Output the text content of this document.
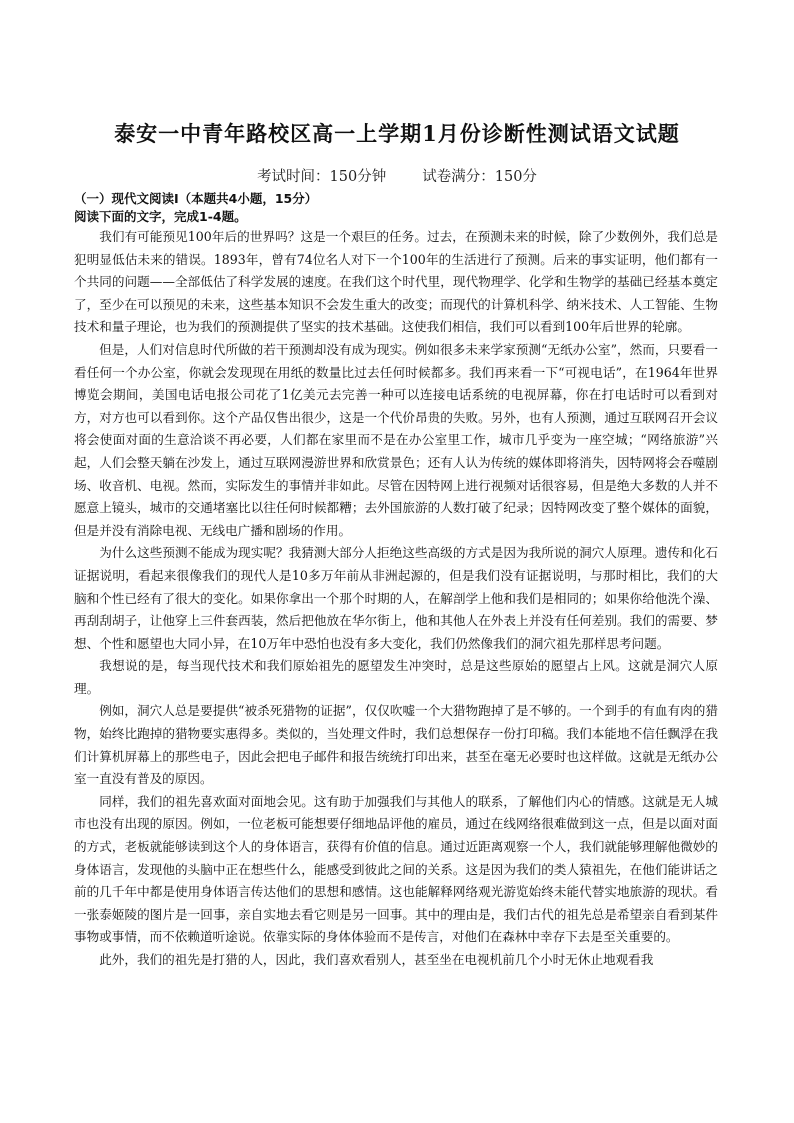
泰安一中青年路校区高一上学期1月份诊断性测试语文试题
考试时间：150分钟 试卷满分：150分
（一）现代文阅读Ⅰ（本题共4小题，15分）
阅读下面的文字，完成1-4题。

我们有可能预见100年后的世界吗？这是一个艰巨的任务。过去，在预测未来的时候，除了少数例外，我们总是犯明显低估未来的错误。1893年，曾有74位名人对下一个100年的生活进行了预测。后来的事实证明，他们都有一个共同的问题——全部低估了科学发展的速度。在我们这个时代里，现代物理学、化学和生物学的基础已经基本奠定了，至少在可以预见的未来，这些基本知识不会发生重大的改变；而现代的计算机科学、纳米技术、人工智能、生物技术和量子理论，也为我们的预测提供了坚实的技术基础。这使我们相信，我们可以看到100年后世界的轮廓。

但是，人们对信息时代所做的若干预测却没有成为现实。例如很多未来学家预测“无纸办公室”，然而，只要看一看任何一个办公室，你就会发现现在用纸的数量比过去任何时候都多。我们再来看一下“可视电话”，在1964年世界博览会期间，美国电话电报公司花了1亿美元去完善一种可以连接电话系统的电视屏幕，你在打电话时可以看到对方，对方也可以看到你。这个产品仅售出很少，这是一个代价昂贵的失败。另外，也有人预测，通过互联网召开会议将会使面对面的生意洽谈不再必要，人们都在家里而不是在办公室里工作，城市几乎变为一座空城；“网络旅游”兴起，人们会整天躺在沙发上，通过互联网漫游世界和欣赏景色；还有人认为传统的媒体即将消失，因特网将会吞噬剧场、收音机、电视。然而，实际发生的事情并非如此。尽管在因特网上进行视频对话很容易，但是绝大多数的人并不愿意上镜头，城市的交通堵塞比以往任何时候都糟；去外国旅游的人数打破了纪录；因特网改变了整个媒体的面貌，但是并没有消除电视、无线电广播和剧场的作用。

为什么这些预测不能成为现实呢？我猜测大部分人拒绝这些高级的方式是因为我所说的洞穴人原理。遗传和化石证据说明，看起来很像我们的现代人是10多万年前从非洲起源的，但是我们没有证据说明，与那时相比，我们的大脑和个性已经有了很大的变化。如果你拿出一个那个时期的人，在解剖学上他和我们是相同的；如果你给他洗个澡、再刮刮胡子，让他穿上三件套西装，然后把他放在华尔街上，他和其他人在外表上并没有任何差别。我们的需要、梦想、个性和愿望也大同小异，在10万年中恐怕也没有多大变化，我们仍然像我们的洞穴祖先那样思考问题。

我想说的是，每当现代技术和我们原始祖先的愿望发生冲突时，总是这些原始的愿望占上风。这就是洞穴人原理。

例如，洞穴人总是要提供“被杀死猎物的证据”，仅仅吹嘘一个大猎物跑掉了是不够的。一个到手的有血有肉的猎物，始终比跑掉的猎物要实惠得多。类似的，当处理文件时，我们总想保存一份打印稿。我们本能地不信任飘浮在我们计算机屏幕上的那些电子，因此会把电子邮件和报告统统打印出来，甚至在毫无必要时也这样做。这就是无纸办公室一直没有普及的原因。

同样，我们的祖先喜欢面对面地会见。这有助于加强我们与其他人的联系，了解他们内心的情感。这就是无人城市也没有出现的原因。例如，一位老板可能想要仔细地品评他的雇员，通过在线网络很难做到这一点，但是以面对面的方式，老板就能够读到这个人的身体语言，获得有价值的信息。通过近距离观察一个人，我们就能够理解他微妙的身体语言，发现他的头脑中正在想些什么，能感受到彼此之间的关系。这是因为我们的类人猿祖先，在他们能讲话之前的几千年中都是使用身体语言传达他们的思想和感情。这也能解释网络观光游览始终未能代替实地旅游的现状。看一张泰姬陵的图片是一回事，亲自实地去看它则是另一回事。其中的理由是，我们古代的祖先总是希望亲自看到某件事物或事情，而不依赖道听途说。依靠实际的身体体验而不是传言，对他们在森林中幸存下去是至关重要的。

此外，我们的祖先是打猎的人，因此，我们喜欢看别人，甚至坐在电视机前几个小时无休止地观看我
